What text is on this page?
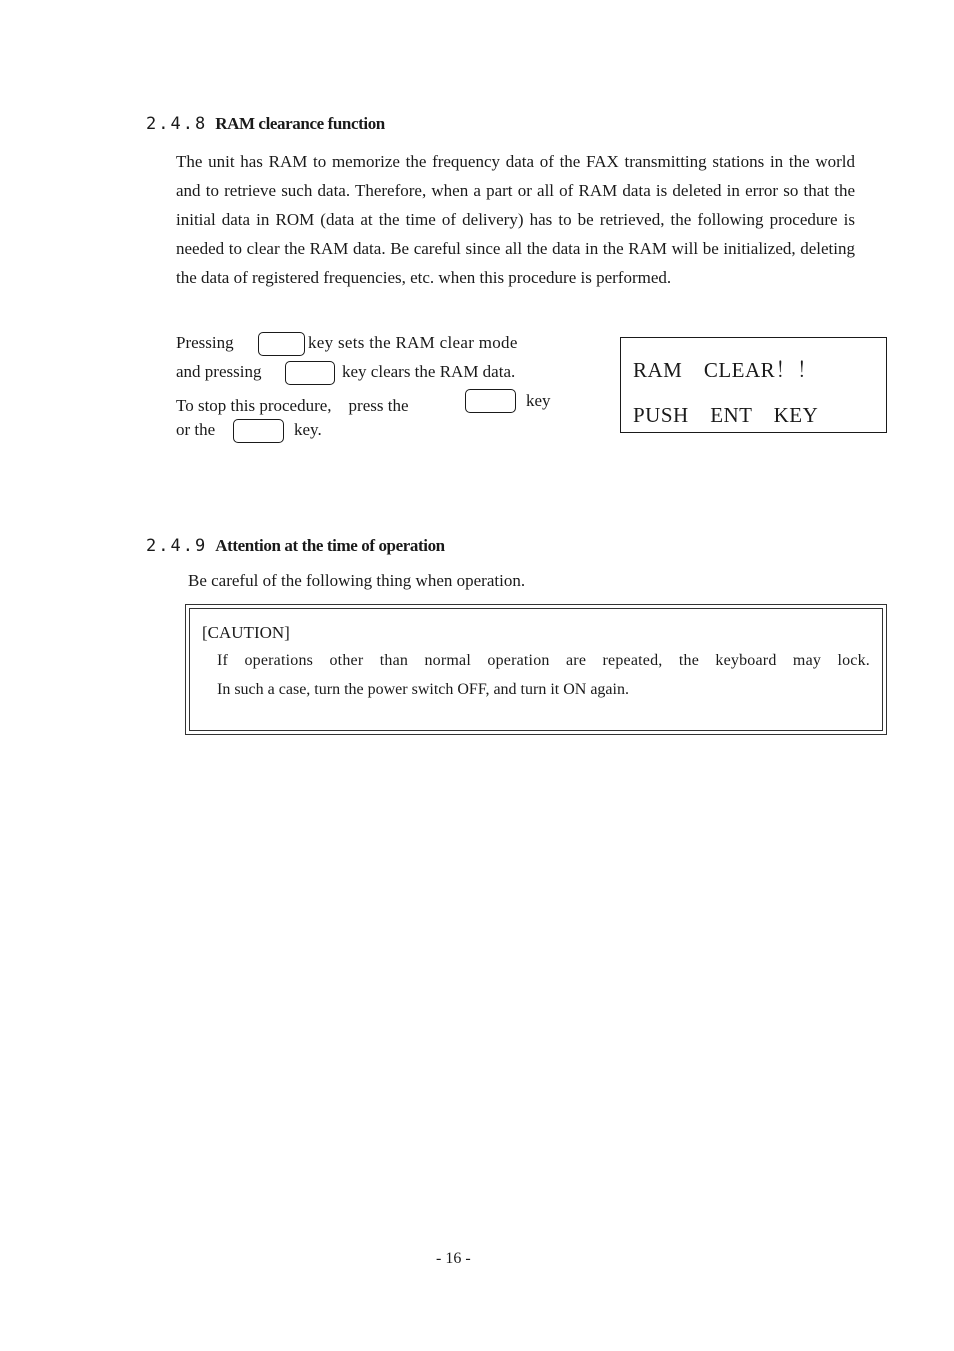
2.4.8 RAM clearance function
The unit has RAM to memorize the frequency data of the FAX transmitting stations in the world and to retrieve such data. Therefore, when a part or all of RAM data is deleted in error so that the initial data in ROM (data at the time of delivery) has to be retrieved, the following procedure is needed to clear the RAM data. Be careful since all the data in the RAM will be initialized, deleting the data of registered frequencies, etc. when this procedure is performed.
Pressing	key sets the RAM clear mode
and pressing	key clears the RAM data.
To stop this procedure,　press the	key
or the	key.
RAM　CLEAR！！
PUSH　ENT　KEY
2.4.9 Attention at the time of operation
Be careful of the following thing when operation.
[CAUTION]
If operations other than normal operation are repeated, the keyboard may lock.
In such a case, turn the power switch OFF, and turn it ON again.
- 16 -
